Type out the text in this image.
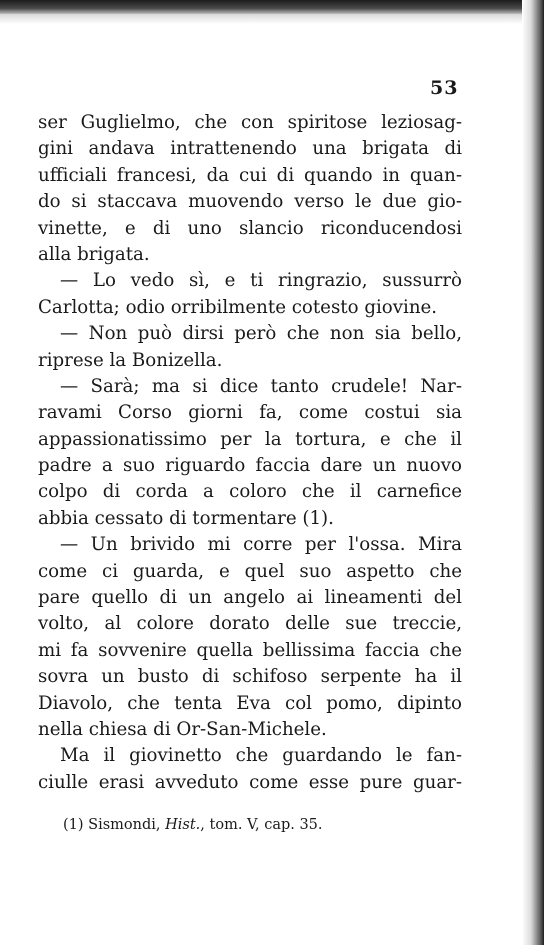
53
ser Guglielmo, che con spiritose leziosag-
gini andava intrattenendo una brigata di
ufficiali francesi, da cui di quando in quan-
do si staccava muovendo verso le due gio-
vinette, e di uno slancio riconducendosi
alla brigata.
— Lo vedo sì, e ti ringrazio, sussurrò
Carlotta; odio orribilmente cotesto giovine.
— Non può dirsi però che non sia bello,
riprese la Bonizella.
— Sarà; ma si dice tanto crudele! Nar-
ravami Corso giorni fa, come costui sia
appassionatissimo per la tortura, e che il
padre a suo riguardo faccia dare un nuovo
colpo di corda a coloro che il carnefice
abbia cessato di tormentare (1).
— Un brivido mi corre per l'ossa. Mira
come ci guarda, e quel suo aspetto che
pare quello di un angelo ai lineamenti del
volto, al colore dorato delle sue treccie,
mi fa sovvenire quella bellissima faccia che
sovra un busto di schifoso serpente ha il
Diavolo, che tenta Eva col pomo, dipinto
nella chiesa di Or-San-Michele.
Ma il giovinetto che guardando le fan-
ciulle erasi avveduto come esse pure guar-
(1) Sismondi, Hist., tom. V, cap. 35.
